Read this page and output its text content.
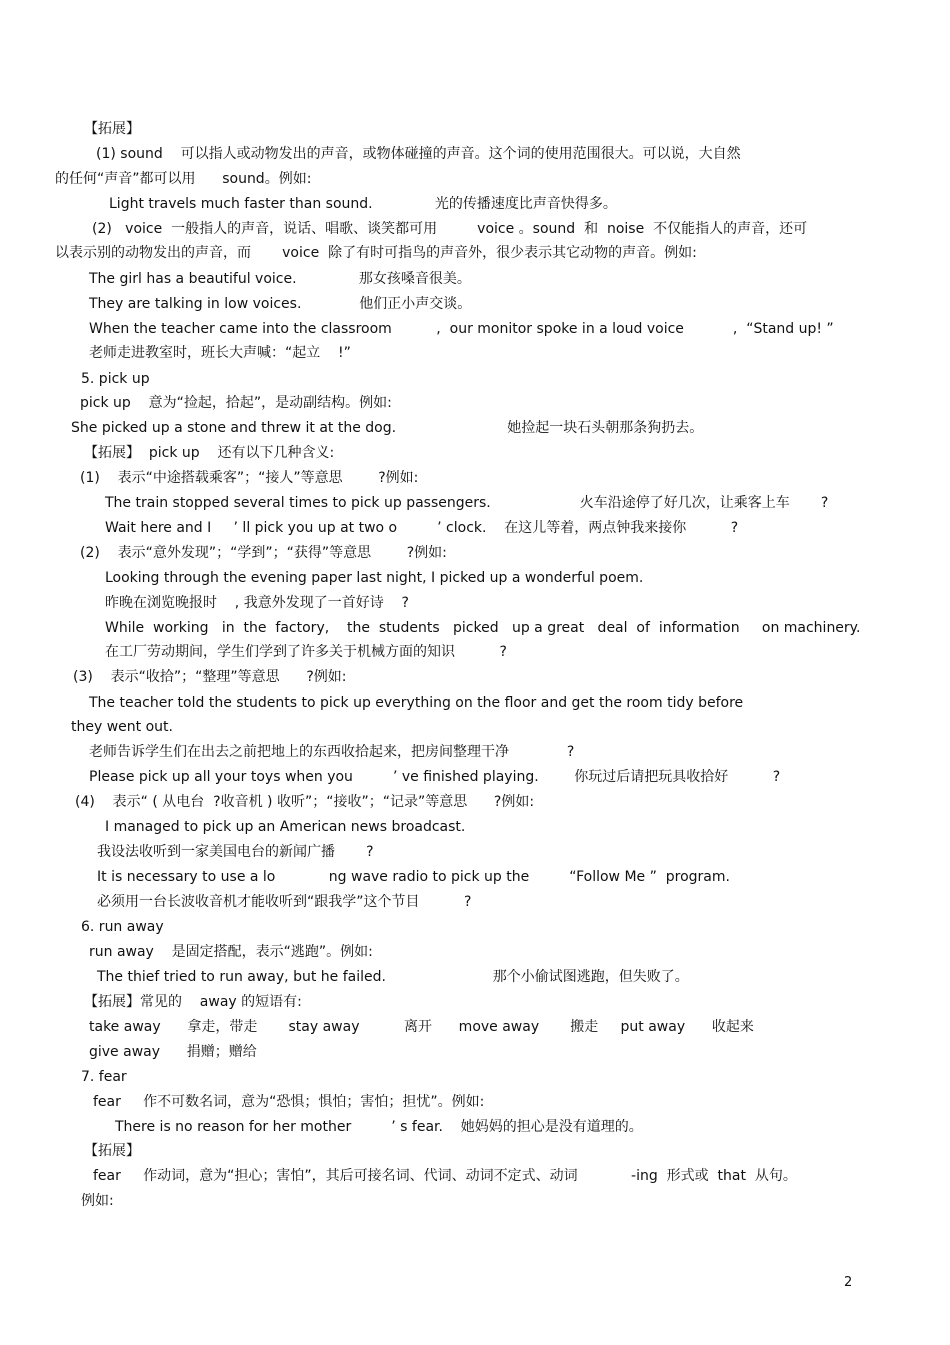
【拓展】
(1) sound    可以指人或动物发出的声音，或物体碰撞的声音。这个词的使用范围很大。可以说，大自然
的任何“声音”都可以用      sound。例如:
Light travels much faster than sound.              光的传播速度比声音快得多。
(2)   voice  一般指人的声音，说话、唱歌、谈笑都可用         voice 。sound  和  noise  不仅能指人的声音，还可
以表示别的动物发出的声音，而       voice  除了有时可指鸟的声音外，很少表示其它动物的声音。例如:
The girl has a beautiful voice.              那女孩嗓音很美。
They are talking in low voices.             他们正小声交谈。
When the teacher came into the classroom          ,  our monitor spoke in a loud voice           ,  “Stand up! ”
老师走进教室时，班长大声喊：“起立    !”
5. pick up
pick up    意为“捡起，拾起”，是动副结构。例如:
She picked up a stone and threw it at the dog.                         她捡起一块石头朝那条狗扔去。
【拓展】  pick up    还有以下几种含义:
(1)    表示“中途搭载乘客”；“接人”等意思        ?例如:
The train stopped several times to pick up passengers.                    火车沿途停了好几次，让乘客上车       ?
Wait here and I     ’ ll pick you up at two o         ’ clock.    在这儿等着，两点钟我来接你          ?
(2)    表示“意外发现”；“学到”；“获得”等意思        ?例如:
Looking through the evening paper last night, I picked up a wonderful poem.
昨晚在浏览晚报时    , 我意外发现了一首好诗    ?
While  working   in  the  factory,    the  students   picked   up a great   deal  of  information     on machinery.
在工厂劳动期间，学生们学到了许多关于机械方面的知识          ?
(3)    表示“收拾”；“整理”等意思      ?例如:
The teacher told the students to pick up everything on the floor and get the room tidy before
they went out.
老师告诉学生们在出去之前把地上的东西收拾起来，把房间整理干净             ?
Please pick up all your toys when you         ’ ve finished playing.        你玩过后请把玩具收拾好          ?
(4)    表示“ ( 从电台  ?收音机 ) 收听”；“接收”；“记录”等意思      ?例如:
I managed to pick up an American news broadcast.
我设法收听到一家美国电台的新闻广播       ?
It is necessary to use a lo            ng wave radio to pick up the         “Follow Me ”  program.
必须用一台长波收音机才能收听到“跟我学”这个节目          ?
6. run away
run away    是固定搭配，表示“逃跑”。例如:
The thief tried to run away, but he failed.                        那个小偷试图逃跑，但失败了。
【拓展】常见的    away 的短语有:
take away      拿走，带走       stay away          离开      move away       搬走     put away      收起来
give away      捐赠；赠给
7. fear
fear     作不可数名词，意为“恐惧；惧怕；害怕；担忧”。例如:
There is no reason for her mother         ’ s fear.    她妈妈的担心是没有道理的。
【拓展】
fear     作动词，意为“担心；害怕”，其后可接名词、代词、动词不定式、动词            -ing  形式或  that  从句。
例如:
2
